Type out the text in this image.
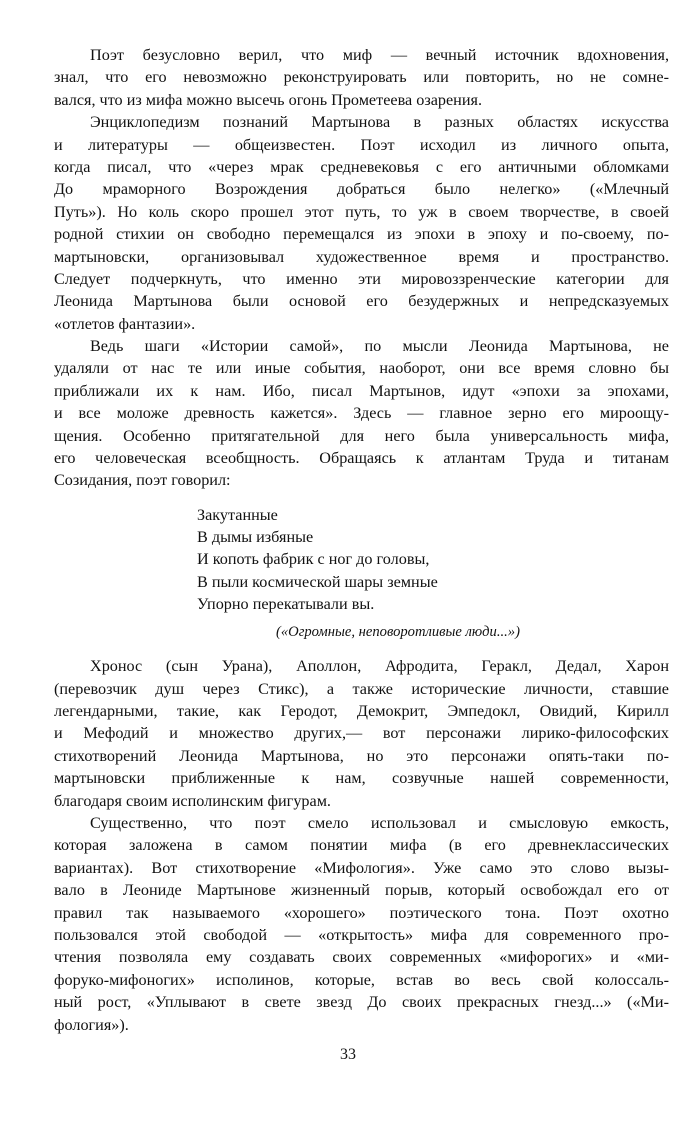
Поэт безусловно верил, что миф — вечный источник вдохновения,
знал, что его невозможно реконструировать или повторить, но не сомне-
вался, что из мифа можно высечь огонь Прометеева озарения.
Энциклопедизм познаний Мартынова в разных областях искусства
и литературы — общеизвестен. Поэт исходил из личного опыта,
когда писал, что «через мрак средневековья с его античными обломками
До мраморного Возрождения добраться было нелегко» («Млечный
Путь»). Но коль скоро прошел этот путь, то уж в своем творчестве, в своей
родной стихии он свободно перемещался из эпохи в эпоху и по-своему, по-
мартыновски, организовывал художественное время и пространство.
Следует подчеркнуть, что именно эти мировоззренческие категории для
Леонида Мартынова были основой его безудержных и непредсказуемых
«отлетов фантазии».
Ведь шаги «Истории самой», по мысли Леонида Мартынова, не
удаляли от нас те или иные события, наоборот, они все время словно бы
приближали их к нам. Ибо, писал Мартынов, идут «эпохи за эпохами,
и все моложе древность кажется». Здесь — главное зерно его мироощу-
щения. Особенно притягательной для него была универсальность мифа,
его человеческая всеобщность. Обращаясь к атлантам Труда и титанам
Созидания, поэт говорил:
Закутанные
В дымы избяные
И копоть фабрик с ног до головы,
В пыли космической шары земные
Упорно перекатывали вы.
(«Огромные, неповоротливые люди...»)
Хронос (сын Урана), Аполлон, Афродита, Геракл, Дедал, Харон
(перевозчик душ через Стикс), а также исторические личности, ставшие
легендарными, такие, как Геродот, Демокрит, Эмпедокл, Овидий, Кирилл
и Мефодий и множество других,— вот персонажи лирико-философских
стихотворений Леонида Мартынова, но это персонажи опять-таки по-
мартыновски приближенные к нам, созвучные нашей современности,
благодаря своим исполинским фигурам.
Существенно, что поэт смело использовал и смысловую емкость,
которая заложена в самом понятии мифа (в его древнеклассических
вариантах). Вот стихотворение «Мифология». Уже само это слово вызы-
вало в Леониде Мартынове жизненный порыв, который освобождал его от
правил так называемого «хорошего» поэтического тона. Поэт охотно
пользовался этой свободой — «открытость» мифа для современного про-
чтения позволяла ему создавать своих современных «мифорогих» и «ми-
форуко-мифоногих» исполинов, которые, встав во весь свой колоссаль-
ный рост, «Уплывают в свете звезд До своих прекрасных гнезд...» («Ми-
фология»).
33
